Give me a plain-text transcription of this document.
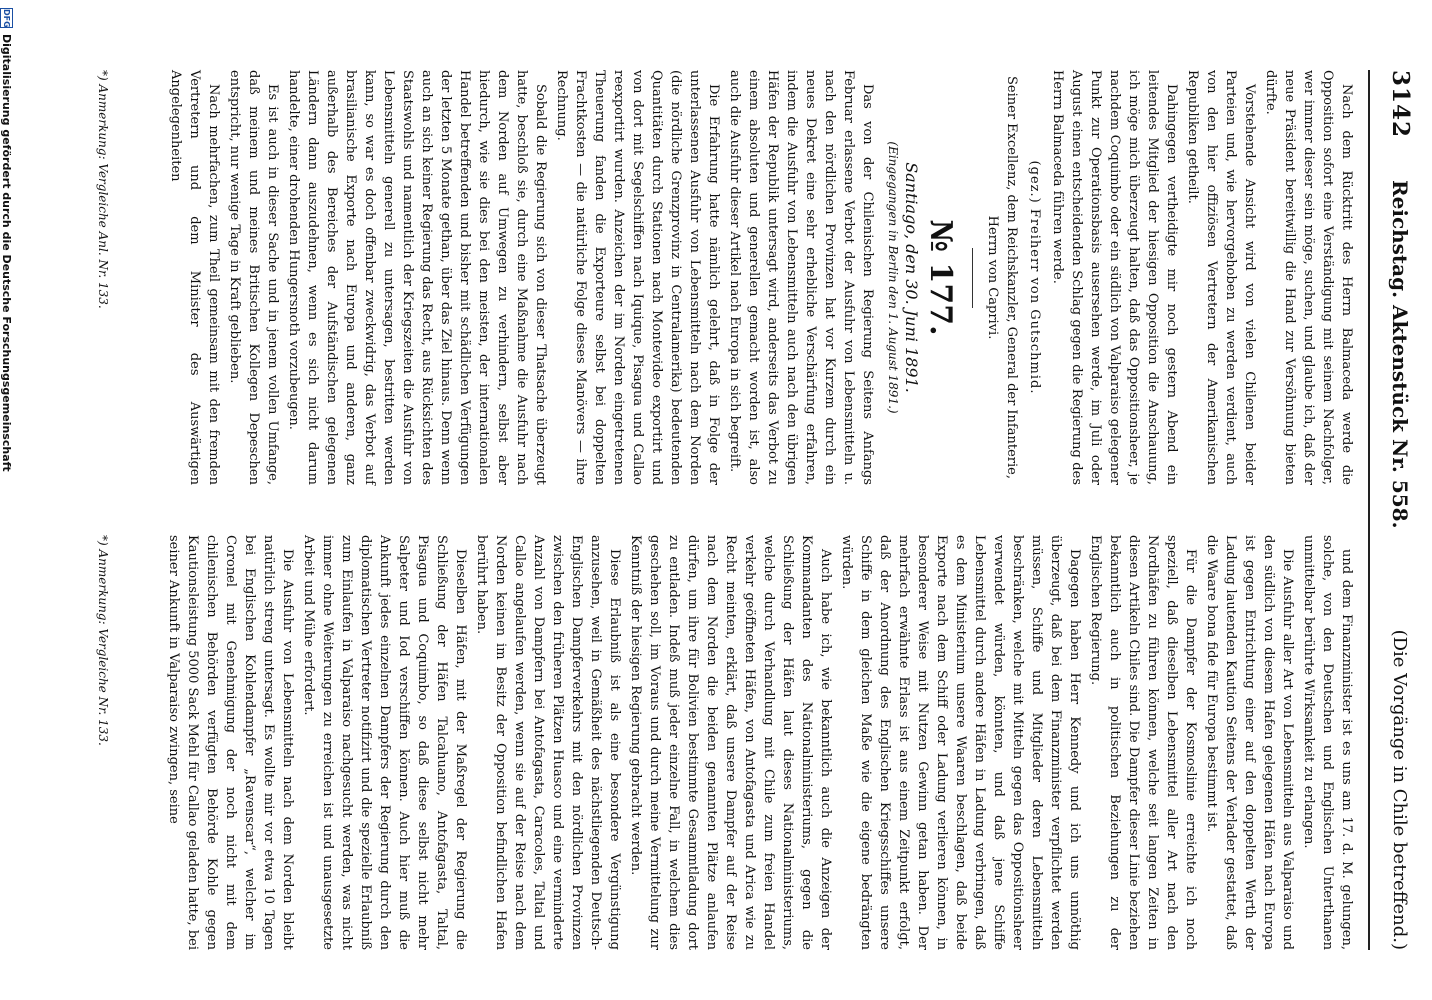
3142
Reichstag. Aktenstück Nr. 558.
(Die Vorgänge in Chile betreffend.)

Nach dem Rücktritt des Herrn Balmaceda werde die Opposition sofort eine Verständigung mit seinem Nachfolger, wer immer dieser sein möge, suchen, und glaube ich, daß der neue Präsident bereitwillig die Hand zur Versöhnung bieten dürfte.

Vorstehende Ansicht wird von vielen Chilenen beider Parteien und, wie hervorgehoben zu werden verdient, auch von den hier offiziösen Vertretern der Amerikanischen Republiken getheilt.

Dahingegen vertheidigte mir noch gestern Abend ein leitendes Mitglied der hiesigen Opposition die Anschauung, ich möge mich überzeugt halten, daß das Oppositionsheer, je nachdem Coquimbo oder ein südlich von Valparaiso gelegener Punkt zur Operationsbasis ausersehen werde, im Juli oder August einen entscheidenden Schlag gegen die Regierung des Herrn Balmaceda führen werde.

(gez.) Freiherr von Gutschmid.

Seiner Excellenz, dem Reichskanzler, General der Infanterie, Herrn von Caprivi.

№ 177.
Santiago, den 30. Juni 1891.
(Eingegangen in Berlin den 1. August 1891.)

Das von der Chilenischen Regierung Seitens Anfangs Februar erlassene Verbot der Ausfuhr von Lebensmitteln u. nach den nördlichen Provinzen hat vor Kurzem durch ein neues Dekret eine sehr erhebliche Verschärfung erfahren, indem die Ausfuhr von Lebensmitteln auch nach den übrigen Häfen der Republik untersagt wird, anderseits das Verbot zu einem absoluten und generellen gemacht worden ist, also auch die Ausfuhr dieser Artikel nach Europa in sich begreift.

Die Erfahrung hatte nämlich gelehrt, daß in Folge der unterlassenen Ausfuhr von Lebensmitteln nach dem Norden (die nördliche Grenzprovinz in Centralamerika) bedeutenden Quantitäten durch Stationen nach Montevideo exportirt und von dort mit Segelschiffen nach Iquique, Pisagua und Callao reexportirt wurden. Anzeichen der im Norden eingetretenen Theuerung fanden die Exporteure selbst bei doppelten Frachtkosten — die natürliche Folge dieses Manövers — ihre Rechnung.

Sobald die Regierung sich von dieser Thatsache überzeugt hatte, beschloß sie, durch eine Maßnahme die Ausfuhr nach dem Norden auf Umwegen zu verhindern, selbst aber hiedurch, wie sie dies bei den meisten, der internationalen Handel betreffenden und bisher mit schädlichen Verfügungen der letzten 5 Monate gethan, über das Ziel hinaus. Denn wenn auch an sich keiner Regierung das Recht, aus Rücksichten des Staatswohls und namentlich der Kriegszeiten die Ausfuhr von Lebensmitteln generell zu untersagen, bestritten werden kann, so war es doch offenbar zweckwidrig, das Verbot auf brasilianische Exporte nach Europa und anderen, ganz außerhalb des Bereiches der Aufständischen gelegenen Ländern dann auszudehnen, wenn es sich nicht darum handelte, einer drohenden Hungersnoth vorzubeugen.

Es ist auch in dieser Sache und in jenem vollen Umfange, daß meinem und meines Britischen Kollegen Depeschen entspricht, nur wenige Tage in Kraft geblieben.

Nach mehrfachen, zum Theil gemeinsam mit den fremden Vertretern und dem Minister des Auswärtigen Angelegenheiten

und dem Finanzminister ist es uns am 17. d. M. gelungen, solche, von den Deutschen und Englischen Unterthanen unmittelbar berührte Wirksamkeit zu erlangen.

Die Ausfuhr aller Art von Lebensmitteln aus Valparaiso und den südlich von diesem Hafen gelegenen Häfen nach Europa ist gegen Entrichtung einer auf den doppelten Werth der Ladung lautenden Kaution Seitens der Verlader gestattet, daß die Waare bona fide für Europa bestimmt ist.

Für die Dampfer der Kosmoslinie erreichte ich noch speziell, daß dieselben Lebensmittel aller Art nach den Nordhäfen zu führen können, welche seit langen Zeiten in diesen Artikeln Chiles sind. Die Dampfer dieser Linie beziehen bekanntlich auch in politischen Beziehungen zu der Englischen Regierung.

Dagegen haben Herr Kennedy und ich uns unnöthig überzeugt, daß bei dem Finanzminister verpflichtet werden müssen, Schiffe und Mitglieder deren Lebensmitteln beschränken, welche mit Mitteln gegen das Oppositionsheer verwendet würden, könnten, und daß jene Schiffe Lebensmittel durch andere Häfen in Ladung verbringen, daß es dem Ministerium unsere Waaren beschlagen, daß beide Exporte nach dem Schiff oder Ladung verlieren können, in besonderer Weise mit Nutzen Gewinn getan haben. Der mehrfach erwähnte Erlass ist aus einem Zeitpunkt erfolgt, daß der Anordnung des Englischen Kriegsschiffes unsere Schiffe in dem gleichen Maße wie die eigene bedrängten würden.

Auch habe ich, wie bekanntlich auch die Anzeigen der Kommandanten des Nationalministeriums, gegen die Schließung der Häfen laut dieses Nationalministeriums, welche durch Verhandlung mit Chile zum freien Handel verkehr geöffneten Häfen, von Antofagasta und Arica wie zu Recht meinten, erklärt, daß unsere Dampfer auf der Reise nach dem Norden die beiden genannten Plätze anlaufen dürfen, um ihre für Bolivien bestimmte Gesammtladung dort zu entladen. Indeß muß jeder einzelne Fall, in welchem dies geschehen soll, im Voraus und durch meine Vermittelung zur Kenntniß der hiesigen Regierung gebracht werden.

Diese Erlaubniß ist als eine besondere Vergünstigung anzusehen, weil in Gemäßheit des nächstliegenden Deutsch-Englischen Dampferverkehrs mit den nördlichen Provinzen zwischen den früheren Plätzen Huasco und eine verminderte Anzahl von Dampfern bei Antofagasta, Caracoles, Taltal und Callao angelaufen werden, wenn sie auf der Reise nach dem Norden keinen im Besitz der Opposition befindlichen Hafen berührt haben.

Dieselben Häfen, mit der Maßregel der Regierung die Schließung der Häfen Talcahuano, Antofagasta, Taltal, Pisagua und Coquimbo, so daß diese selbst nicht mehr Salpeter und Iod verschiffen können. Auch hier muß die Ankunft jedes einzelnen Dampfers der Regierung durch den diplomatischen Vertreter notifizirt und die spezielle Erlaubniß zum Einlaufen in Valparaiso nachgesucht werden, was nicht immer ohne Weiterungen zu erreichen ist und unausgesetzte Arbeit und Mühe erfordert.

Die Ausfuhr von Lebensmitteln nach dem Norden bleibt natürlich streng untersagt. Es wollte mir vor etwa 10 Tagen bei Englischen Kohlendampfer „Ravenscar“, welcher im Coronel mit Genehmigung der noch nicht mit dem chilenischen Behörden verfügten Behörde Kohle gegen Kautionsleistung 5000 Sack Mehl für Callao geladen hatte, bei seiner Ankunft in Valparaiso zwingen, seine

*) Anmerkung: Vergleiche Anl. Nr. 133.
*) Anmerkung: Vergleiche Nr. 133.
DFG
Digitalisierung gefördert durch die Deutsche Forschungsgemeinschaft
